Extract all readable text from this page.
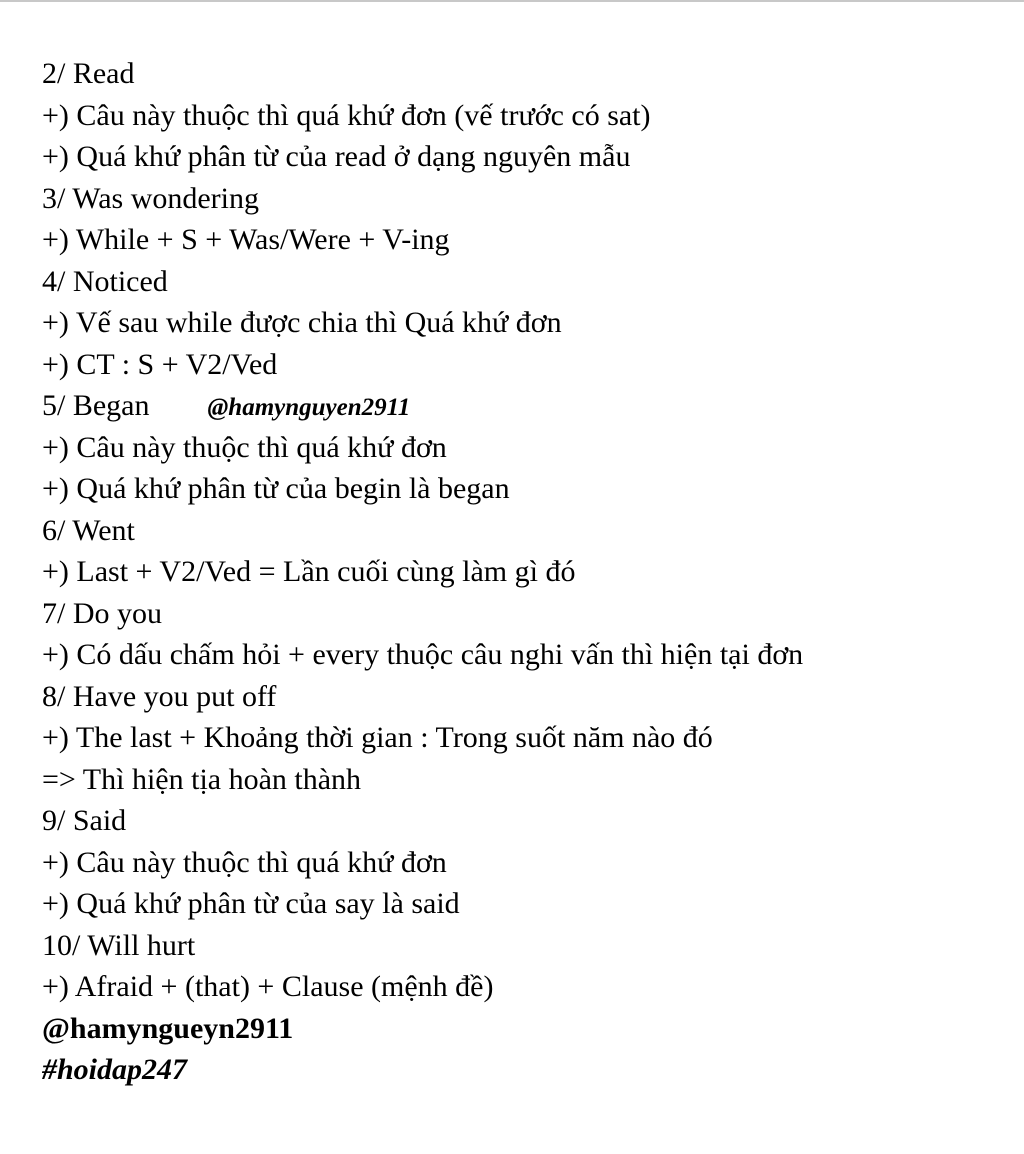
2/ Read
+) Câu này thuộc thì quá khứ đơn (vế trước có sat)
+) Quá khứ phân từ của read ở dạng nguyên mẫu
3/ Was wondering
+) While + S + Was/Were + V-ing
4/ Noticed
+) Vế sau while được chia thì Quá khứ đơn
+) CT : S + V2/Ved
5/ Began @hamynguyen2911
+) Câu này thuộc thì quá khứ đơn
+) Quá khứ phân từ của begin là began
6/ Went
+) Last + V2/Ved = Lần cuối cùng làm gì đó
7/ Do you
+) Có dấu chấm hỏi + every thuộc câu nghi vấn thì hiện tại đơn
8/ Have you put off
+) The last + Khoảng thời gian : Trong suốt năm nào đó
=> Thì hiện tịa hoàn thành
9/ Said
+) Câu này thuộc thì quá khứ đơn
+) Quá khứ phân từ của say là said
10/ Will hurt
+) Afraid + (that) + Clause (mệnh đề)
@hamyngueyn2911
#hoidap247
